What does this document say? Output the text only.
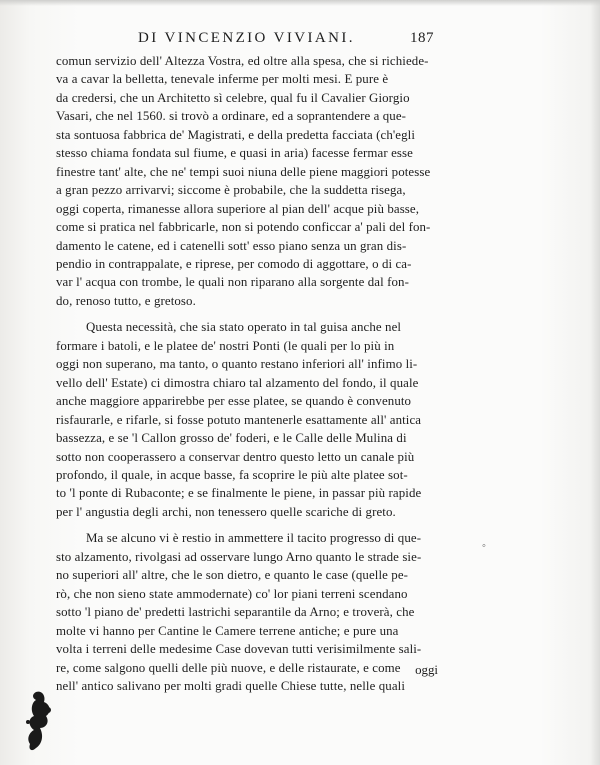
DI VINCENZIO VIVIANI.	187
comun servizio dell' Altezza Vostra, ed oltre alla spesa, che si richiede-
va a cavar la belletta, tenevale inferme per molti mesi. E pure è
da credersi, che un Architetto sì celebre, qual fu il Cavalier Giorgio
Vasari, che nel 1560. si trovò a ordinare, ed a soprantendere a que-
sta sontuosa fabbrica de' Magistrati, e della predetta facciata (ch'egli
stesso chiama fondata sul fiume, e quasi in aria) facesse fermar esse
finestre tant' alte, che ne' tempi suoi niuna delle piene maggiori potesse
a gran pezzo arrivarvi; siccome è probabile, che la suddetta risega,
oggi coperta, rimanesse allora superiore al pian dell' acque più basse,
come si pratica nel fabbricarle, non si potendo conficcar a' pali del fon-
damento le catene, ed i catenelli sott' esso piano senza un gran dis-
pendio in contrappalate, e riprese, per comodo di aggottare, o di ca-
var l' acqua con trombe, le quali non riparano alla sorgente dal fon-
do, renoso tutto, e gretoso.
Questa necessità, che sia stato operato in tal guisa anche nel
formare i batoli, e le platee de' nostri Ponti (le quali per lo più in
oggi non superano, ma tanto, o quanto restano inferiori all' infimo li-
vello dell' Estate) ci dimostra chiaro tal alzamento del fondo, il quale
anche maggiore apparirebbe per esse platee, se quando è convenuto
risfaurarle, e rifarle, si fosse potuto mantenerle esattamente all' antica
bassezza, e se 'l Callon grosso de' foderi, e le Calle delle Mulina di
sotto non cooperassero a conservar dentro questo letto un canale più
profondo, il quale, in acque basse, fa scoprire le più alte platee sot-
to 'l ponte di Rubaconte; e se finalmente le piene, in passar più rapide
per l' angustia degli archi, non tenessero quelle scariche di greto.
Ma se alcuno vi è restio in ammettere il tacito progresso di que-
sto alzamento, rivolgasi ad osservare lungo Arno quanto le strade sie-
no superiori all' altre, che le son dietro, e quanto le case (quelle pe-
rò, che non sieno state ammodernate) co' lor piani terreni scendano
sotto 'l piano de' predetti lastrichi separantile da Arno; e troverà, che
molte vi hanno per Cantine le Camere terrene antiche; e pure una
volta i terreni delle medesime Case dovevan tutti verisimilmente sali-
re, come salgono quelli delle più nuove, e delle ristaurate, e come
nell' antico salivano per molti gradi quelle Chiese tutte, nelle quali
◦
oggi
